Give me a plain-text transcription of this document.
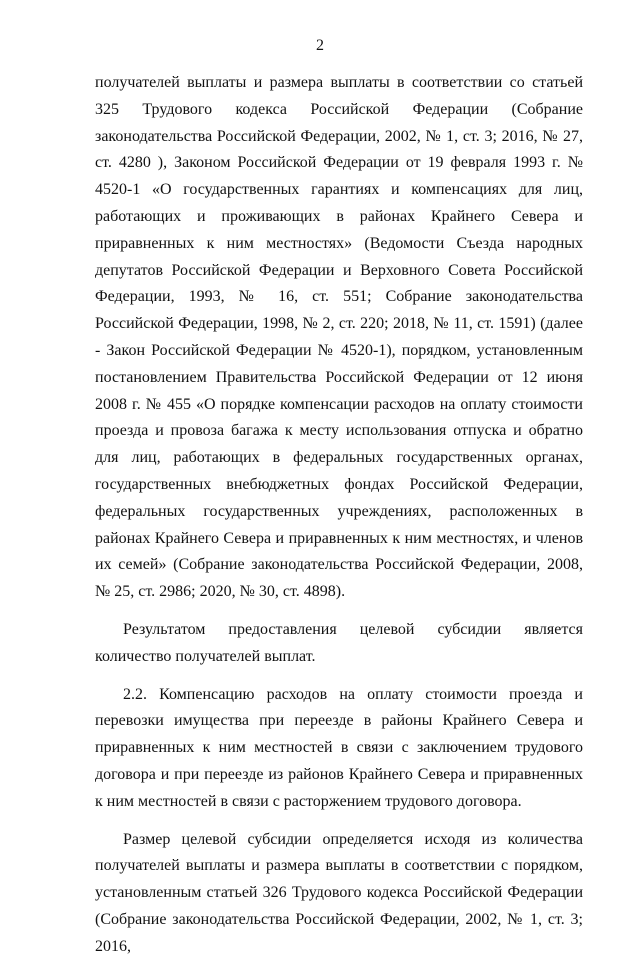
2

получателей выплаты и размера выплаты в соответствии со статьей 325 Трудового кодекса Российской Федерации (Собрание законодательства Российской Федерации, 2002, № 1, ст. 3; 2016, № 27, ст. 4280 ), Законом Российской Федерации от 19 февраля 1993 г. № 4520-1 «О государственных гарантиях и компенсациях для лиц, работающих и проживающих в районах Крайнего Севера и приравненных к ним местностях» (Ведомости Съезда народных депутатов Российской Федерации и Верховного Совета Российской Федерации, 1993, № 16, ст. 551; Собрание законодательства Российской Федерации, 1998, № 2, ст. 220; 2018, № 11, ст. 1591) (далее - Закон Российской Федерации № 4520-1), порядком, установленным постановлением Правительства Российской Федерации от 12 июня 2008 г. № 455 «О порядке компенсации расходов на оплату стоимости проезда и провоза багажа к месту использования отпуска и обратно для лиц, работающих в федеральных государственных органах, государственных внебюджетных фондах Российской Федерации, федеральных государственных учреждениях, расположенных в районах Крайнего Севера и приравненных к ним местностях, и членов их семей» (Собрание законодательства Российской Федерации, 2008, № 25, ст. 2986; 2020, № 30, ст. 4898).

Результатом предоставления целевой субсидии является количество получателей выплат.

2.2. Компенсацию расходов на оплату стоимости проезда и перевозки имущества при переезде в районы Крайнего Севера и приравненных к ним местностей в связи с заключением трудового договора и при переезде из районов Крайнего Севера и приравненных к ним местностей в связи с расторжением трудового договора.

Размер целевой субсидии определяется исходя из количества получателей выплаты и размера выплаты в соответствии с порядком, установленным статьей 326 Трудового кодекса Российской Федерации (Собрание законодательства Российской Федерации, 2002, № 1, ст. 3; 2016,
